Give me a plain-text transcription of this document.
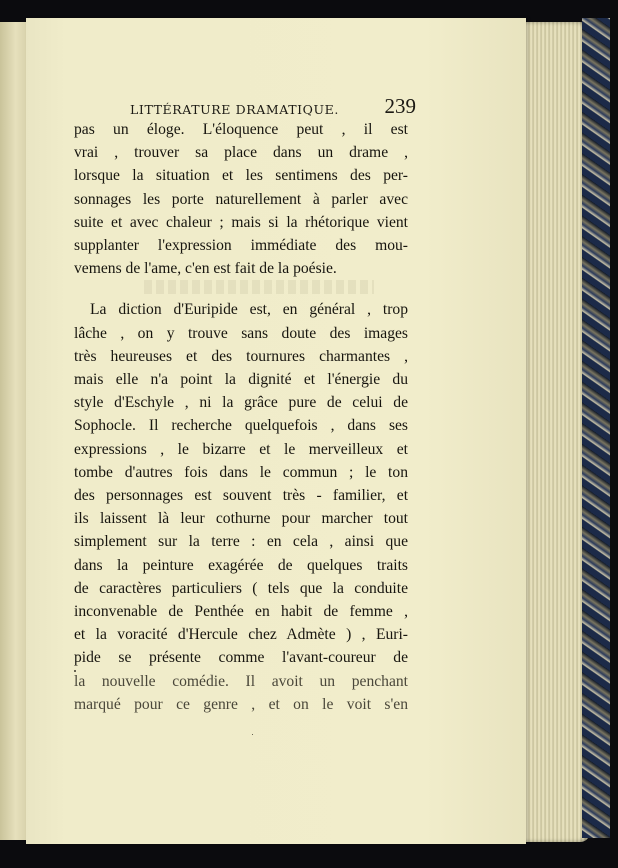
LITTÉRATURE DRAMATIQUE. 239

pas un éloge. L'éloquence peut , il est
vrai , trouver sa place dans un drame ,
lorsque la situation et les sentimens des per-
sonnages les porte naturellement à parler avec
suite et avec chaleur ; mais si la rhétorique vient
supplanter l'expression immédiate des mou-
vemens de l'ame, c'en est fait de la poésie.

La diction d'Euripide est, en général , trop
lâche , on y trouve sans doute des images
très heureuses et des tournures charmantes ,
mais elle n'a point la dignité et l'énergie du
style d'Eschyle , ni la grâce pure de celui de
Sophocle. Il recherche quelquefois , dans ses
expressions , le bizarre et le merveilleux et
tombe d'autres fois dans le commun ; le ton
des personnages est souvent très - familier, et
ils laissent là leur cothurne pour marcher tout
simplement sur la terre : en cela , ainsi que
dans la peinture exagérée de quelques traits
de caractères particuliers ( tels que la conduite
inconvenable de Penthée en habit de femme ,
et la voracité d'Hercule chez Admète ) , Euri-
pide se présente comme l'avant-coureur de
la nouvelle comédie. Il avoit un penchant
marqué pour ce genre , et on le voit s'en
